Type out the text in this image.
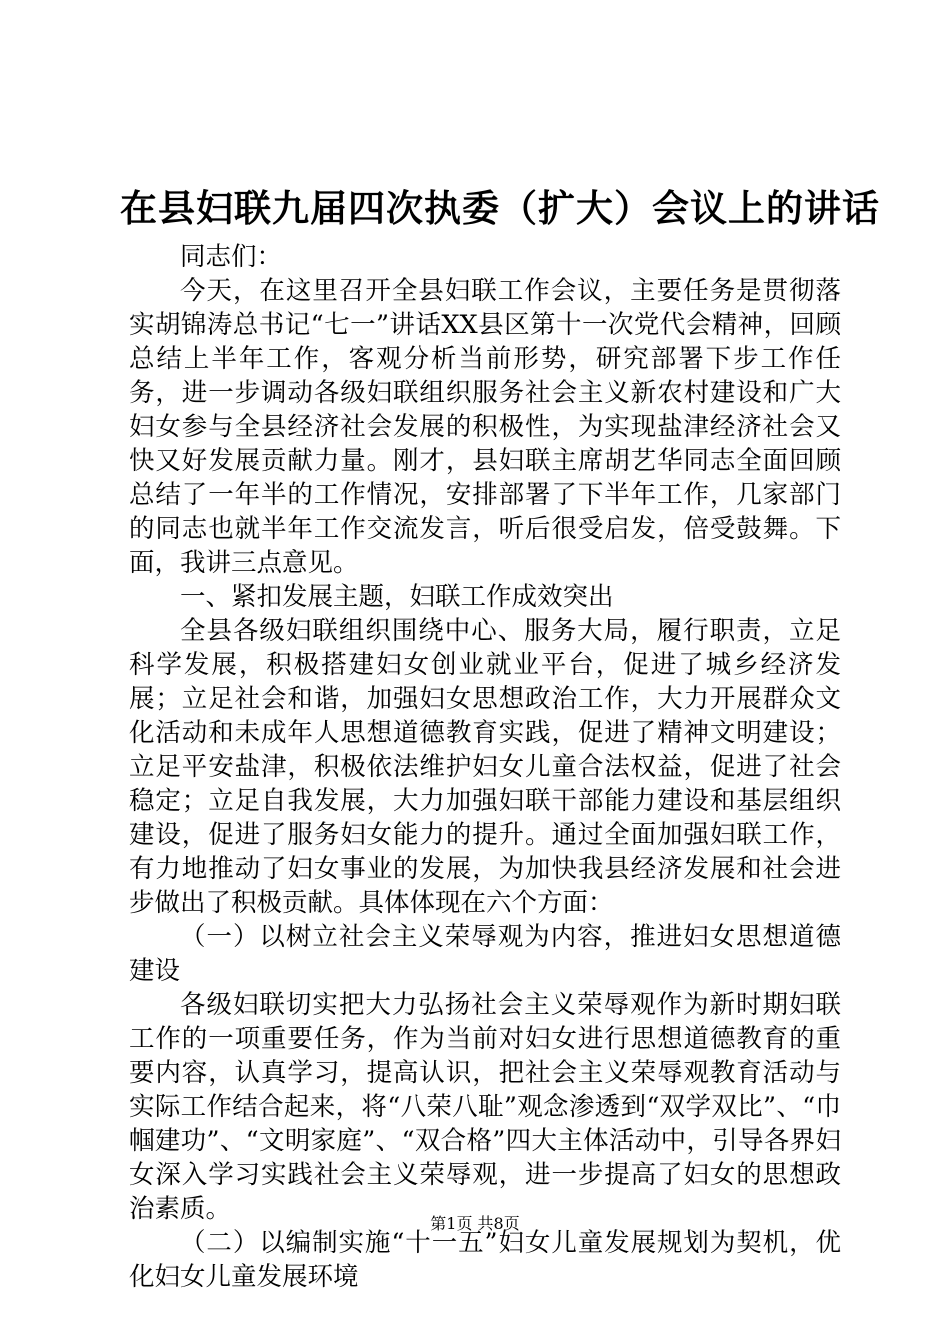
在县妇联九届四次执委（扩大）会议上的讲话

同志们：

今天，在这里召开全县妇联工作会议，主要任务是贯彻落实胡锦涛总书记“七一”讲话XX县区第十一次党代会精神，回顾总结上半年工作，客观分析当前形势，研究部署下步工作任务，进一步调动各级妇联组织服务社会主义新农村建设和广大妇女参与全县经济社会发展的积极性，为实现盐津经济社会又快又好发展贡献力量。刚才，县妇联主席胡艺华同志全面回顾总结了一年半的工作情况，安排部署了下半年工作，几家部门的同志也就半年工作交流发言，听后很受启发，倍受鼓舞。下面，我讲三点意见。

一、紧扣发展主题，妇联工作成效突出

全县各级妇联组织围绕中心、服务大局，履行职责，立足科学发展，积极搭建妇女创业就业平台，促进了城乡经济发展；立足社会和谐，加强妇女思想政治工作，大力开展群众文化活动和未成年人思想道德教育实践，促进了精神文明建设；立足平安盐津，积极依法维护妇女儿童合法权益，促进了社会稳定；立足自我发展，大力加强妇联干部能力建设和基层组织建设，促进了服务妇女能力的提升。通过全面加强妇联工作，有力地推动了妇女事业的发展，为加快我县经济发展和社会进步做出了积极贡献。具体体现在六个方面：

（一）以树立社会主义荣辱观为内容，推进妇女思想道德建设

各级妇联切实把大力弘扬社会主义荣辱观作为新时期妇联工作的一项重要任务，作为当前对妇女进行思想道德教育的重要内容，认真学习，提高认识，把社会主义荣辱观教育活动与实际工作结合起来，将“八荣八耻”观念渗透到“双学双比”、“巾帼建功”、“文明家庭”、“双合格”四大主体活动中，引导各界妇女深入学习实践社会主义荣辱观，进一步提高了妇女的思想政治素质。

（二）以编制实施“十一五”妇女儿童发展规划为契机，优化妇女儿童发展环境

第1页 共8页
